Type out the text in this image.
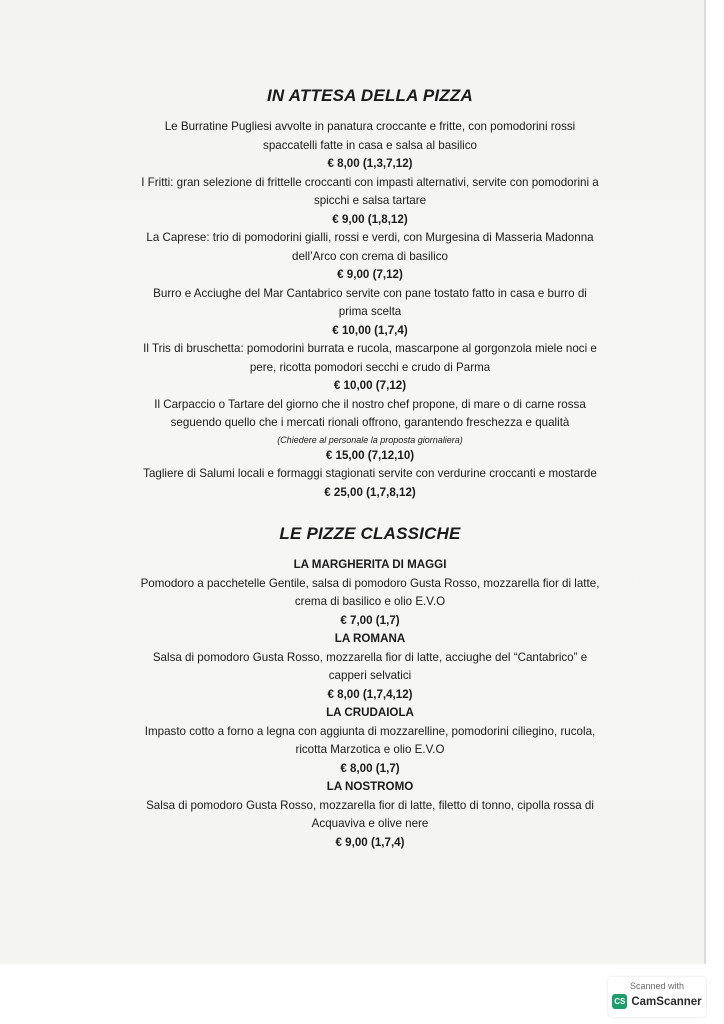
IN ATTESA DELLA PIZZA

Le Burratine Pugliesi avvolte in panatura croccante e fritte, con pomodorini rossi

spaccatelli fatte in casa e salsa al basilico

€ 8,00 (1,3,7,12)

I Fritti: gran selezione di frittelle croccanti con impasti alternativi, servite con pomodorini a

spicchi e salsa tartare

€ 9,00 (1,8,12)

La Caprese: trio di pomodorini gialli, rossi e verdi, con Murgesina di Masseria Madonna

dell’Arco con crema di basilico

€ 9,00 (7,12)

Burro e Acciughe del Mar Cantabrico servite con pane tostato fatto in casa e burro di

prima scelta

€ 10,00 (1,7,4)

Il Tris di bruschetta: pomodorini burrata e rucola, mascarpone al gorgonzola miele noci e

pere, ricotta pomodori secchi e crudo di Parma

€ 10,00 (7,12)

Il Carpaccio o Tartare del giorno che il nostro chef propone, di mare o di carne rossa

seguendo quello che i mercati rionali offrono, garantendo freschezza e qualità

(Chiedere al personale la proposta giornaliera)

€ 15,00 (7,12,10)

Tagliere di Salumi locali e formaggi stagionati servite con verdurine croccanti e mostarde

€ 25,00 (1,7,8,12)

LE PIZZE CLASSICHE

LA MARGHERITA DI MAGGI

Pomodoro a pacchetelle Gentile, salsa di pomodoro Gusta Rosso, mozzarella fior di latte,

crema di basilico e olio E.V.O

€ 7,00 (1,7)

LA ROMANA

Salsa di pomodoro Gusta Rosso, mozzarella fior di latte, acciughe del “Cantabrico” e

capperi selvatici

€ 8,00 (1,7,4,12)

LA CRUDAIOLA

Impasto cotto a forno a legna con aggiunta di mozzarelline, pomodorini ciliegino, rucola,

ricotta Marzotica e olio E.V.O

€ 8,00 (1,7)

LA NOSTROMO

Salsa di pomodoro Gusta Rosso, mozzarella fior di latte, filetto di tonno, cipolla rossa di

Acquaviva e olive nere

€ 9,00 (1,7,4)

Scanned with
CS CamScanner
